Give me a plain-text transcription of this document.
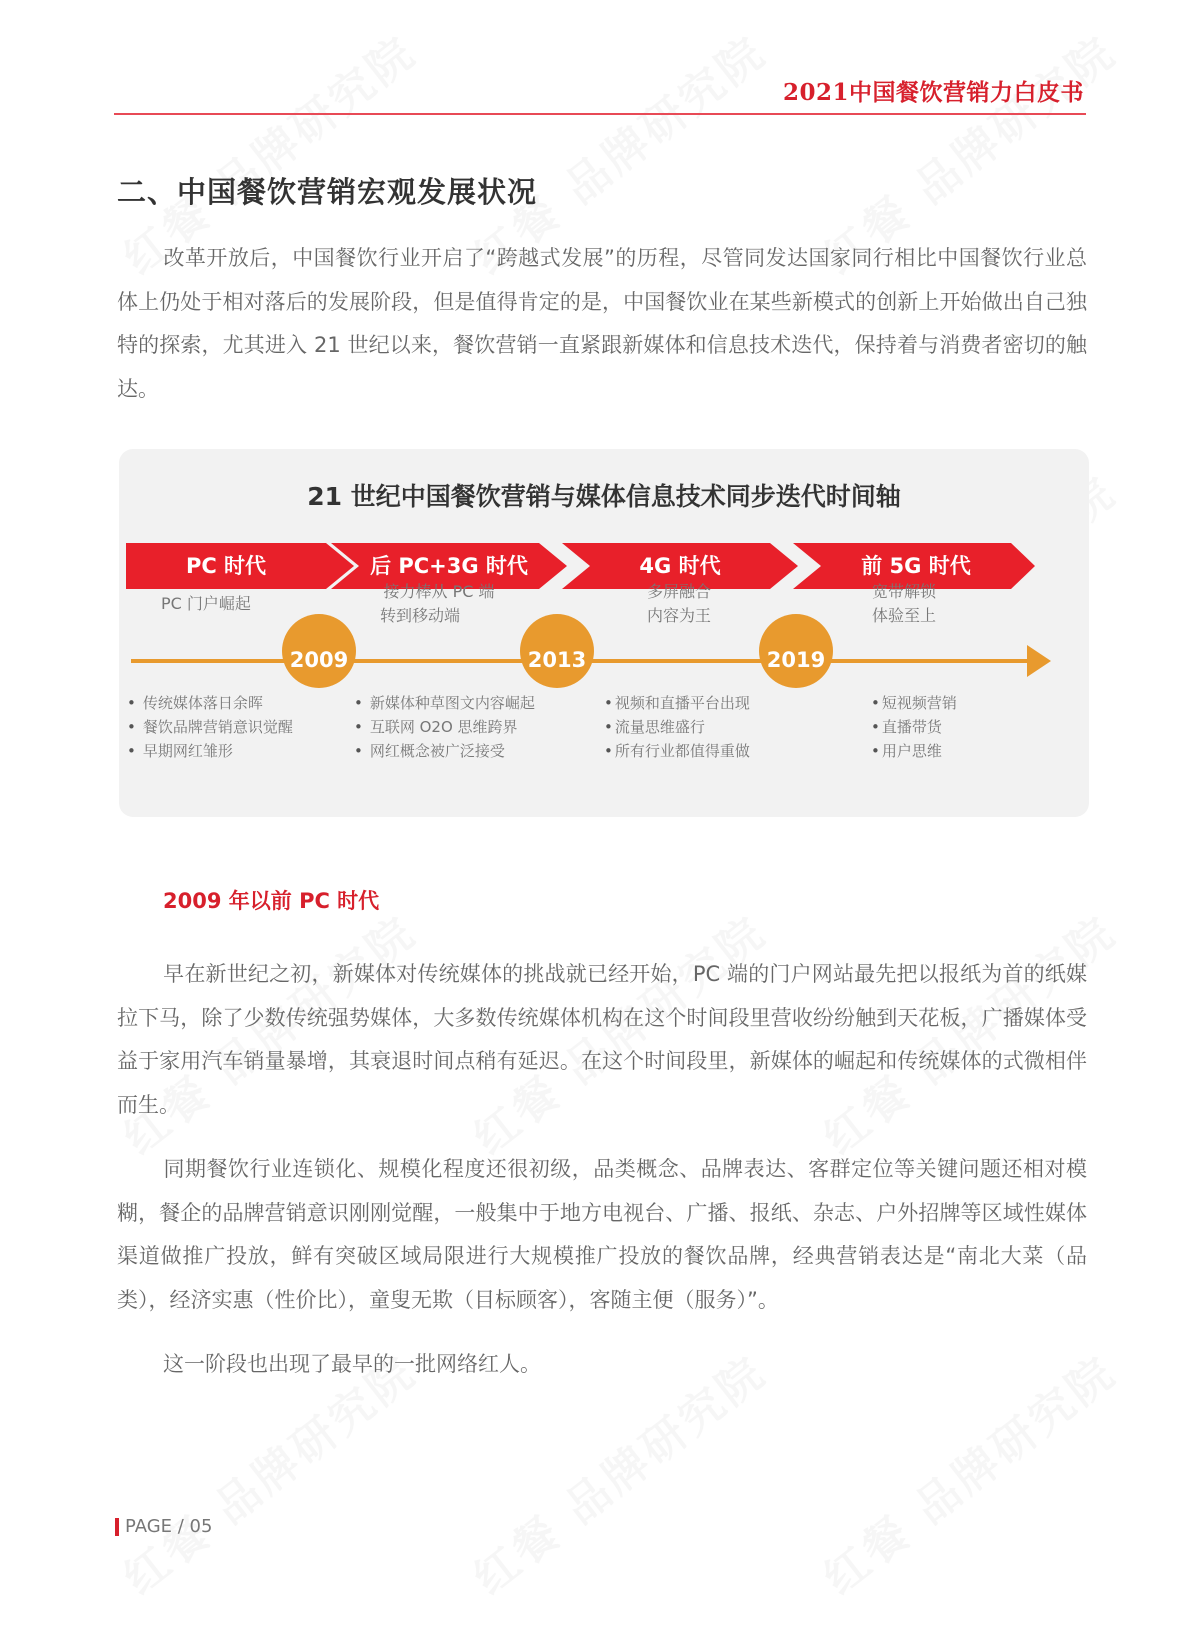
2021中国餐饮营销力白皮书
二、中国餐饮营销宏观发展状况
改革开放后，中国餐饮行业开启了“跨越式发展”的历程，尽管同发达国家同行相比中国餐饮行业总体上仍处于相对落后的发展阶段，但是值得肯定的是，中国餐饮业在某些新模式的创新上开始做出自己独特的探索，尤其进入 21 世纪以来，餐饮营销一直紧跟新媒体和信息技术迭代，保持着与消费者密切的触达。
21 世纪中国餐饮营销与媒体信息技术同步迭代时间轴
PC 时代	后 PC+3G 时代	4G 时代	前 5G 时代
PC 门户崛起
接力棒从 PC 端
转到移动端
多屏融合
内容为王
宽带解锁
体验至上
2009	2013	2019
• 传统媒体落日余晖
• 餐饮品牌营销意识觉醒
• 早期网红雏形
• 新媒体种草图文内容崛起
• 互联网 O2O 思维跨界
• 网红概念被广泛接受
• 视频和直播平台出现
• 流量思维盛行
• 所有行业都值得重做
• 短视频营销
• 直播带货
• 用户思维
2009 年以前 PC 时代
早在新世纪之初，新媒体对传统媒体的挑战就已经开始，PC 端的门户网站最先把以报纸为首的纸媒拉下马，除了少数传统强势媒体，大多数传统媒体机构在这个时间段里营收纷纷触到天花板，广播媒体受益于家用汽车销量暴增，其衰退时间点稍有延迟。在这个时间段里，新媒体的崛起和传统媒体的式微相伴而生。
同期餐饮行业连锁化、规模化程度还很初级，品类概念、品牌表达、客群定位等关键问题还相对模糊，餐企的品牌营销意识刚刚觉醒，一般集中于地方电视台、广播、报纸、杂志、户外招牌等区域性媒体渠道做推广投放，鲜有突破区域局限进行大规模推广投放的餐饮品牌，经典营销表达是“南北大菜（品类），经济实惠（性价比），童叟无欺（目标顾客），客随主便（服务）”。
这一阶段也出现了最早的一批网络红人。
PAGE / 05
